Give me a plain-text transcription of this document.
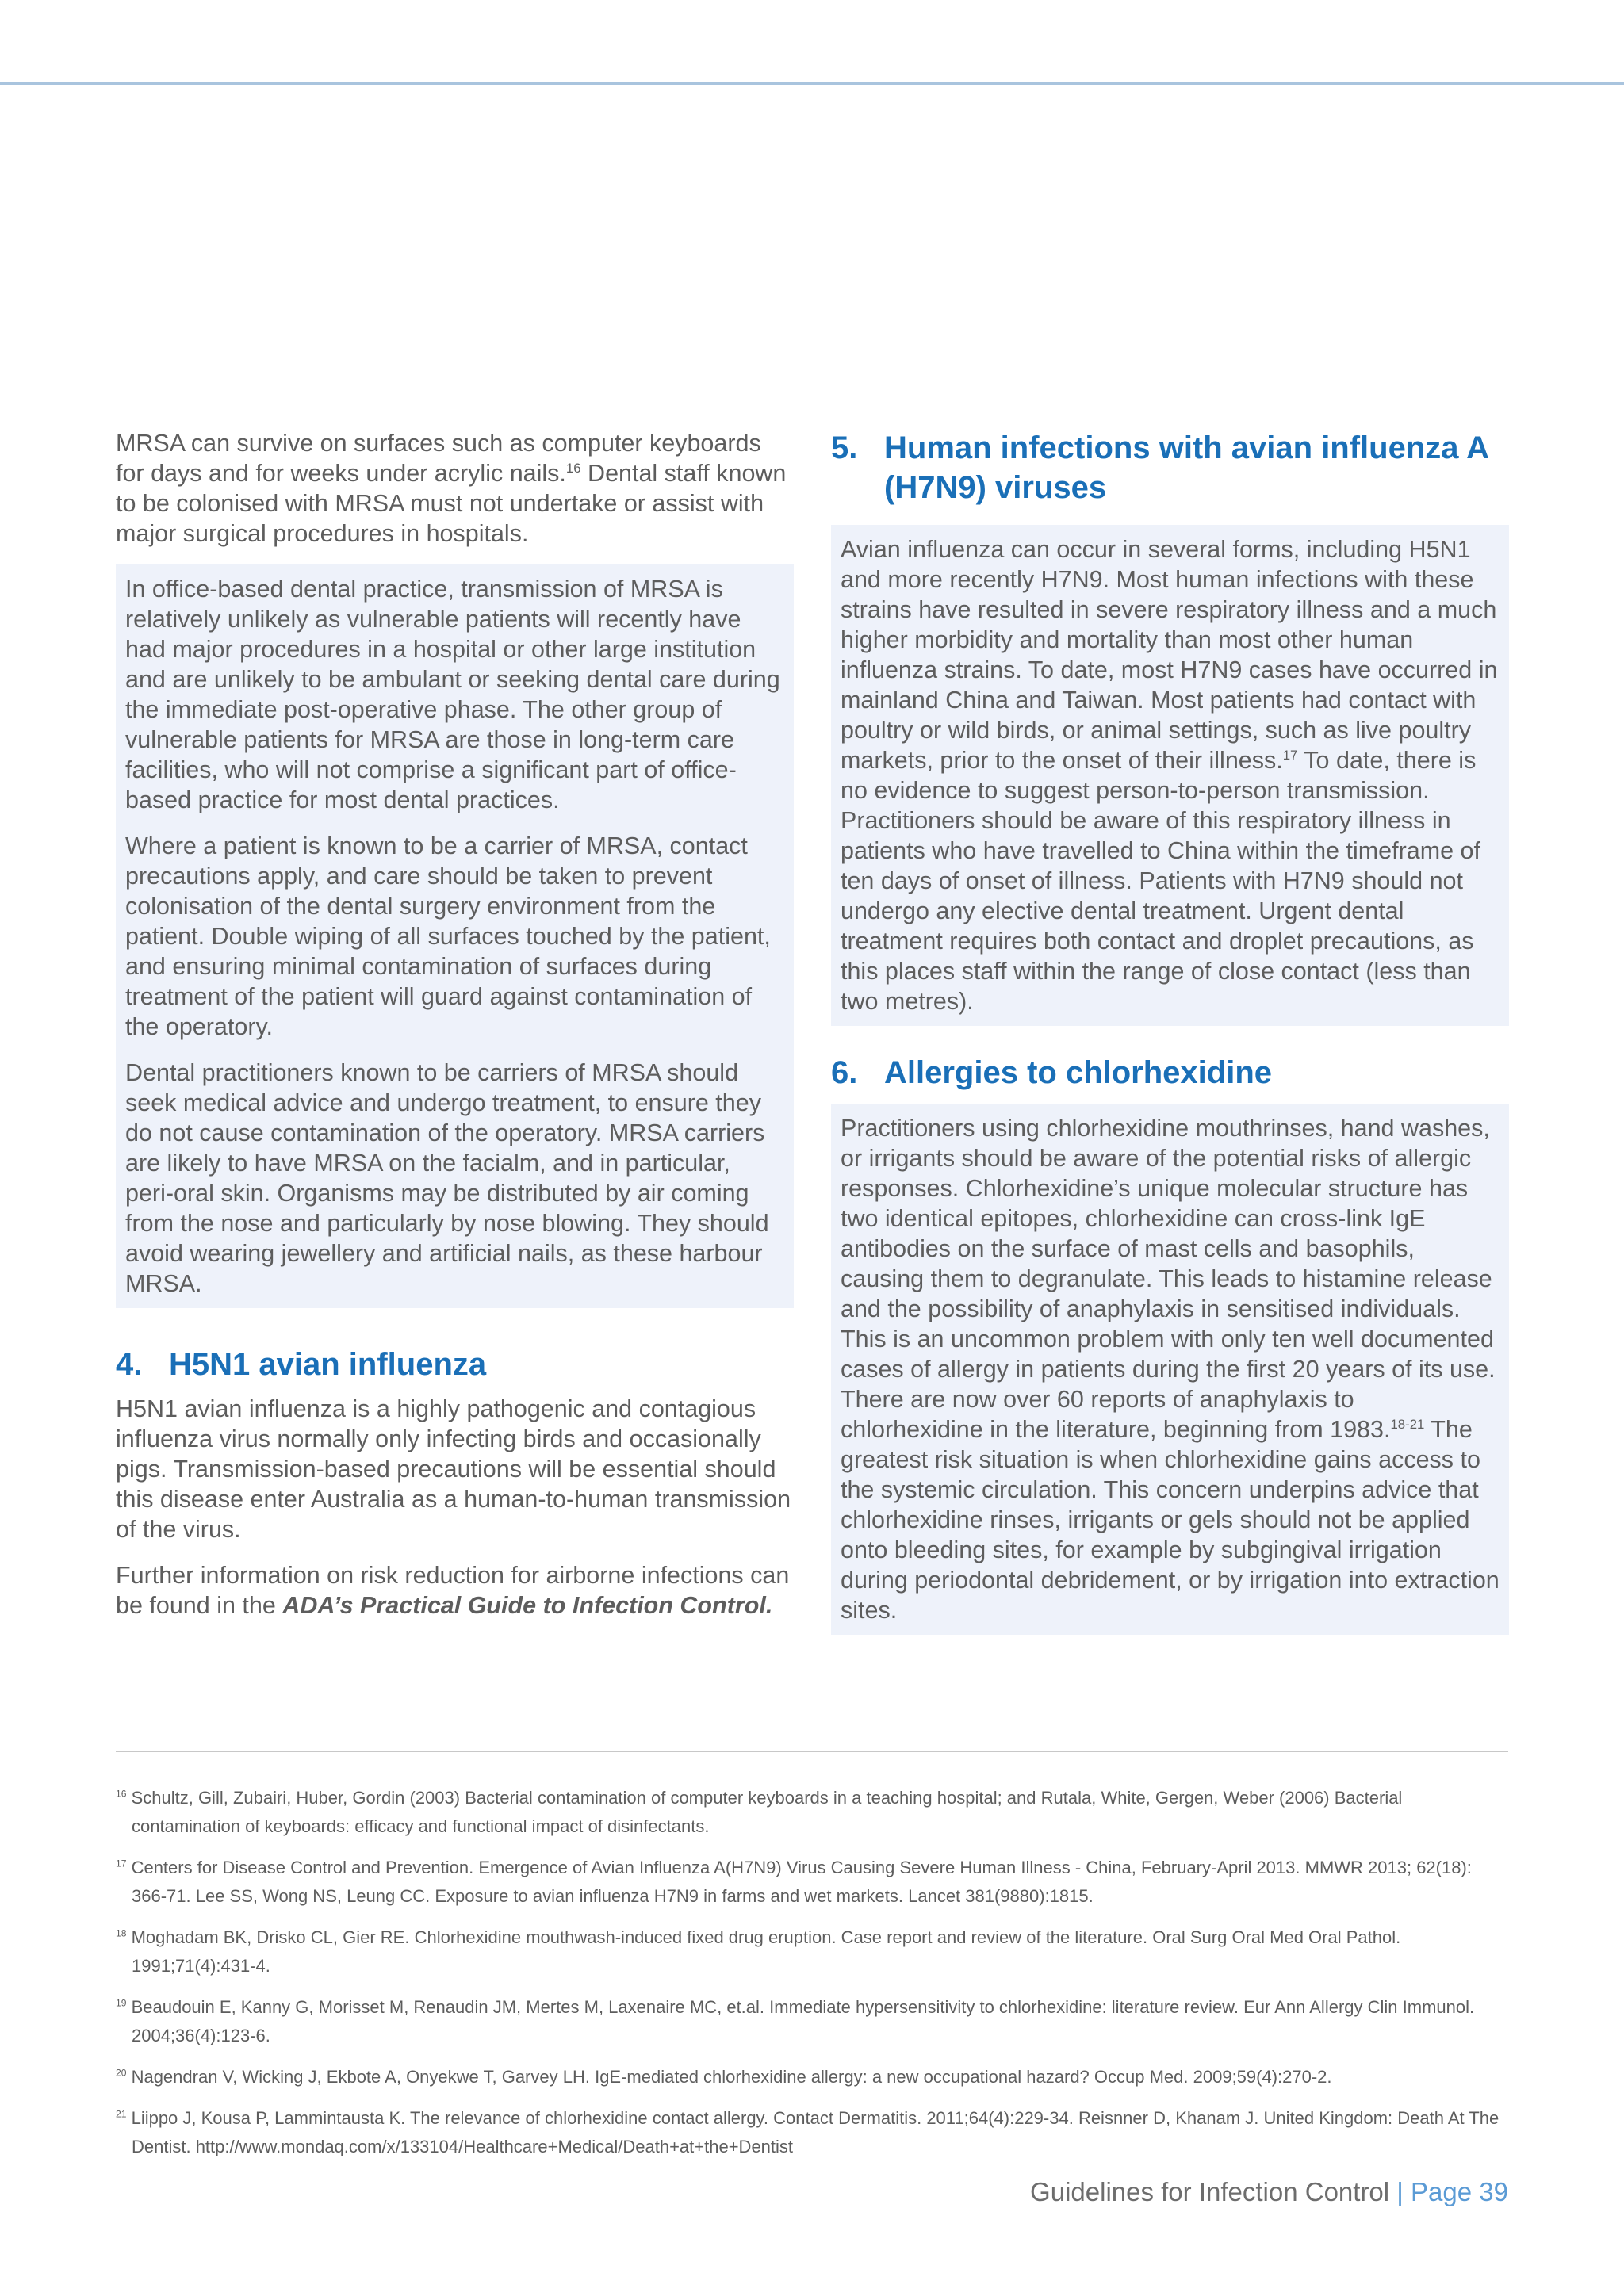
MRSA can survive on surfaces such as computer keyboards for days and for weeks under acrylic nails.$^{16}$ Dental staff known to be colonised with MRSA must not undertake or assist with major surgical procedures in hospitals.

In office-based dental practice, transmission of MRSA is relatively unlikely as vulnerable patients will recently have had major procedures in a hospital or other large institution and are unlikely to be ambulant or seeking dental care during the immediate post-operative phase. The other group of vulnerable patients for MRSA are those in long-term care facilities, who will not comprise a significant part of office-based practice for most dental practices.

Where a patient is known to be a carrier of MRSA, contact precautions apply, and care should be taken to prevent colonisation of the dental surgery environment from the patient. Double wiping of all surfaces touched by the patient, and ensuring minimal contamination of surfaces during treatment of the patient will guard against contamination of the operatory.

Dental practitioners known to be carriers of MRSA should seek medical advice and undergo treatment, to ensure they do not cause contamination of the operatory. MRSA carriers are likely to have MRSA on the facialm, and in particular, peri-oral skin. Organisms may be distributed by air coming from the nose and particularly by nose blowing. They should avoid wearing jewellery and artificial nails, as these harbour MRSA.

4. H5N1 avian influenza

H5N1 avian influenza is a highly pathogenic and contagious influenza virus normally only infecting birds and occasionally pigs. Transmission-based precautions will be essential should this disease enter Australia as a human-to-human transmission of the virus.

Further information on risk reduction for airborne infections can be found in the ADA’s Practical Guide to Infection Control.

5. Human infections with avian influenza A (H7N9) viruses

Avian influenza can occur in several forms, including H5N1 and more recently H7N9. Most human infections with these strains have resulted in severe respiratory illness and a much higher morbidity and mortality than most other human influenza strains. To date, most H7N9 cases have occurred in mainland China and Taiwan. Most patients had contact with poultry or wild birds, or animal settings, such as live poultry markets, prior to the onset of their illness.$^{17}$ To date, there is no evidence to suggest person-to-person transmission. Practitioners should be aware of this respiratory illness in patients who have travelled to China within the timeframe of ten days of onset of illness. Patients with H7N9 should not undergo any elective dental treatment. Urgent dental treatment requires both contact and droplet precautions, as this places staff within the range of close contact (less than two metres).

6. Allergies to chlorhexidine

Practitioners using chlorhexidine mouthrinses, hand washes, or irrigants should be aware of the potential risks of allergic responses. Chlorhexidine’s unique molecular structure has two identical epitopes, chlorhexidine can cross-link IgE antibodies on the surface of mast cells and basophils, causing them to degranulate. This leads to histamine release and the possibility of anaphylaxis in sensitised individuals. This is an uncommon problem with only ten well documented cases of allergy in patients during the first 20 years of its use. There are now over 60 reports of anaphylaxis to chlorhexidine in the literature, beginning from 1983.$^{18-21}$ The greatest risk situation is when chlorhexidine gains access to the systemic circulation. This concern underpins advice that chlorhexidine rinses, irrigants or gels should not be applied onto bleeding sites, for example by subgingival irrigation during periodontal debridement, or by irrigation into extraction sites.

$^{16}$ Schultz, Gill, Zubairi, Huber, Gordin (2003) Bacterial contamination of computer keyboards in a teaching hospital; and Rutala, White, Gergen, Weber (2006) Bacterial contamination of keyboards: efficacy and functional impact of disinfectants.

$^{17}$ Centers for Disease Control and Prevention. Emergence of Avian Influenza A(H7N9) Virus Causing Severe Human Illness - China, February-April 2013. MMWR 2013; 62(18): 366-71. Lee SS, Wong NS, Leung CC. Exposure to avian influenza H7N9 in farms and wet markets. Lancet 381(9880):1815.

$^{18}$ Moghadam BK, Drisko CL, Gier RE. Chlorhexidine mouthwash-induced fixed drug eruption. Case report and review of the literature. Oral Surg Oral Med Oral Pathol. 1991;71(4):431-4.

$^{19}$ Beaudouin E, Kanny G, Morisset M, Renaudin JM, Mertes M, Laxenaire MC, et.al. Immediate hypersensitivity to chlorhexidine: literature review. Eur Ann Allergy Clin Immunol. 2004;36(4):123-6.

$^{20}$ Nagendran V, Wicking J, Ekbote A, Onyekwe T, Garvey LH. IgE-mediated chlorhexidine allergy: a new occupational hazard? Occup Med. 2009;59(4):270-2.

$^{21}$ Liippo J, Kousa P, Lammintausta K. The relevance of chlorhexidine contact allergy. Contact Dermatitis. 2011;64(4):229-34. Reisnner D, Khanam J. United Kingdom: Death At The Dentist. http://www.mondaq.com/x/133104/Healthcare+Medical/Death+at+the+Dentist

Guidelines for Infection Control | Page 39
